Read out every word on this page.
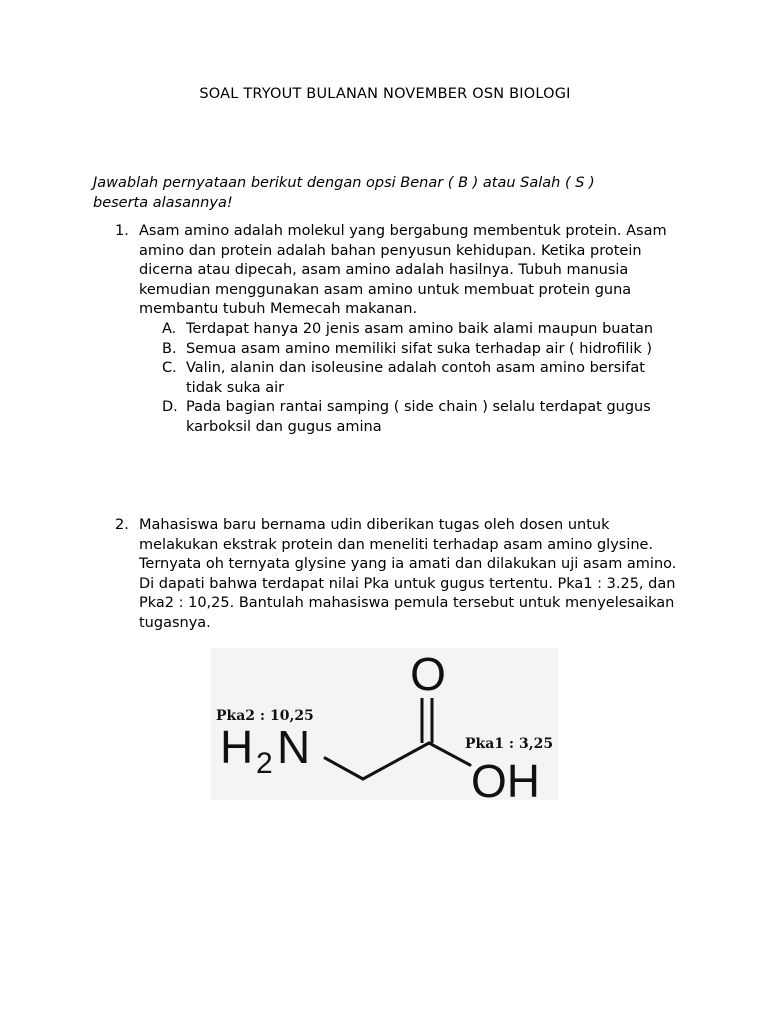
SOAL TRYOUT BULANAN NOVEMBER OSN BIOLOGI
Jawablah pernyataan berikut dengan opsi Benar ( B ) atau Salah ( S )
beserta alasannya!
1. Asam amino adalah molekul yang bergabung membentuk protein. Asam amino dan protein adalah bahan penyusun kehidupan. Ketika protein dicerna atau dipecah, asam amino adalah hasilnya. Tubuh manusia kemudian menggunakan asam amino untuk membuat protein guna membantu tubuh Memecah makanan.
A. Terdapat hanya 20 jenis asam amino baik alami maupun buatan
B. Semua asam amino memiliki sifat suka terhadap air ( hidrofilik )
C. Valin, alanin dan isoleusine adalah contoh asam amino bersifat tidak suka air
D. Pada bagian rantai samping ( side chain ) selalu terdapat gugus karboksil dan gugus amina
2. Mahasiswa baru bernama udin diberikan tugas oleh dosen untuk melakukan ekstrak protein dan meneliti terhadap asam amino glysine. Ternyata oh ternyata glysine yang ia amati dan dilakukan uji asam amino. Di dapati bahwa terdapat nilai Pka untuk gugus tertentu. Pka1 : 3.25, dan Pka2 : 10,25. Bantulah mahasiswa pemula tersebut untuk menyelesaikan tugasnya.
O
H 2 N
OH
Pka2 : 10,25
Pka1 : 3,25
